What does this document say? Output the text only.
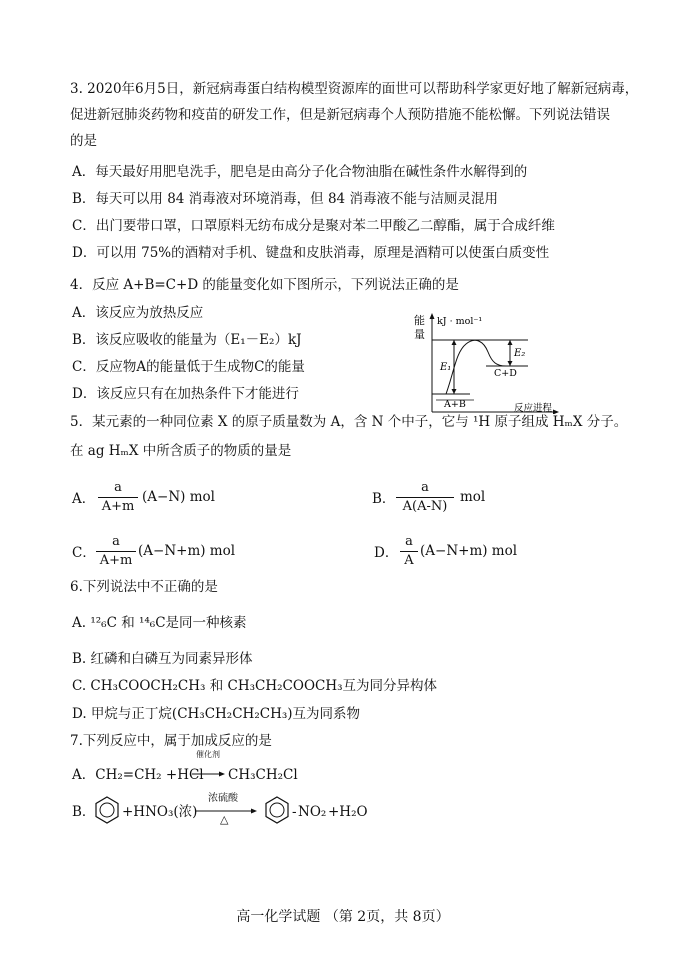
3. 2020年6月5日，新冠病毒蛋白结构模型资源库的面世可以帮助科学家更好地了解新冠病毒，
促进新冠肺炎药物和疫苗的研发工作，但是新冠病毒个人预防措施不能松懈。下列说法错误
的是
A．每天最好用肥皂洗手，肥皂是由高分子化合物油脂在碱性条件水解得到的
B．每天可以用 84 消毒液对环境消毒，但 84 消毒液不能与洁厕灵混用
C．出门要带口罩，口罩原料无纺布成分是聚对苯二甲酸乙二醇酯，属于合成纤维
D．可以用 75%的酒精对手机、键盘和皮肤消毒，原理是酒精可以使蛋白质变性
4．反应 A+B=C+D 的能量变化如下图所示，下列说法正确的是
A．该反应为放热反应
B．该反应吸收的能量为（E₁－E₂）kJ
C．反应物A的能量低于生成物C的能量
D．该反应只有在加热条件下才能进行
能
量
kJ · mol⁻¹
E₁
E₂
C+D
A+B	反应进程
5．某元素的一种同位素 X 的原子质量数为 A，含 N 个中子，它与 ¹H 原子组成 HₘX 分子。
在 ag HₘX 中所含质子的物质的量是
A．
a
A+m
(A−N) mol	B．
a
A(A-N)
mol
C．
a
A+m
(A−N+m) mol	D．
a
A
(A−N+m) mol
6.下列说法中不正确的是
A. ¹²₆C 和 ¹⁴₆C是同一种核素
B. 红磷和白磷互为同素异形体
C. CH₃COOCH₂CH₃ 和 CH₃CH₂COOCH₃互为同分异构体
D. 甲烷与正丁烷(CH₃CH₂CH₂CH₃)互为同系物
7.下列反应中，属于加成反应的是
A．CH₂=CH₂ +HCl
催化剂
→ CH₃CH₂Cl
B． +HNO₃(浓)
浓硫酸
△	- NO₂ +H₂O
高一化学试题 （第 2页，共 8页）
